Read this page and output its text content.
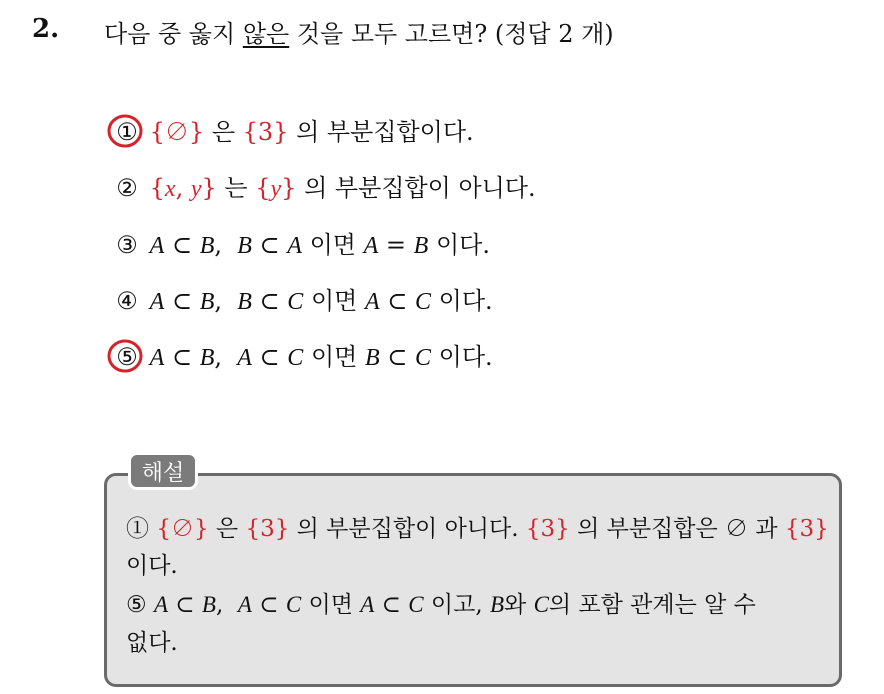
2. 다음 중 옳지 않은 것을 모두 고르면? (정답 2 개)
① {∅} 은 {3} 의 부분집합이다.
② {x, y} 는 {y} 의 부분집합이 아니다.
③ A ⊂ B,  B ⊂ A 이면 A = B 이다.
④ A ⊂ B,  B ⊂ C 이면 A ⊂ C 이다.
⑤ A ⊂ B,  A ⊂ C 이면 B ⊂ C 이다.
해설
① {∅} 은 {3} 의 부분집합이 아니다. {3} 의 부분집합은 ∅ 과 {3}
이다.
⑤ A ⊂ B,  A ⊂ C 이면 A ⊂ C 이고, B와 C의 포함 관계는 알 수
없다.
